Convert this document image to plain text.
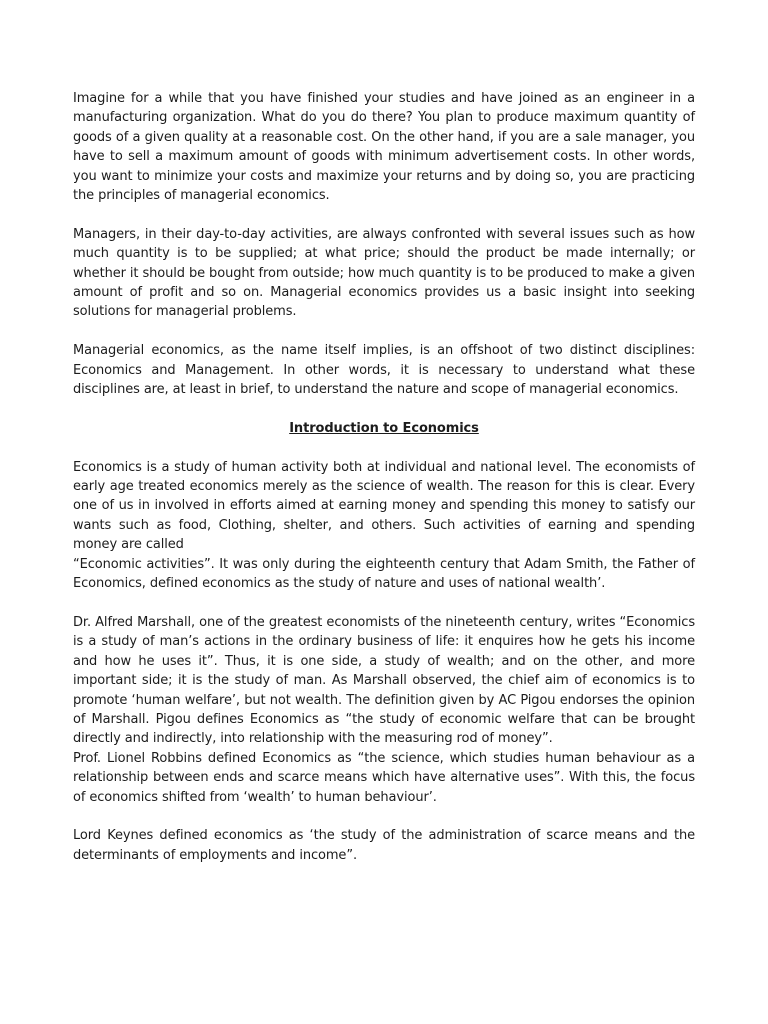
Imagine for a while that you have finished your studies and have joined as an engineer in a manufacturing organization. What do you do there? You plan to produce maximum quantity of goods of a given quality at a reasonable cost. On the other hand, if you are a sale manager, you have to sell a maximum amount of goods with minimum advertisement costs. In other words, you want to minimize your costs and maximize your returns and by doing so, you are practicing the principles of managerial economics.

Managers, in their day-to-day activities, are always confronted with several issues such as how much quantity is to be supplied; at what price; should the product be made internally; or whether it should be bought from outside; how much quantity is to be produced to make a given amount of profit and so on. Managerial economics provides us a basic insight into seeking solutions for managerial problems.

Managerial economics, as the name itself implies, is an offshoot of two distinct disciplines: Economics and Management. In other words, it is necessary to understand what these disciplines are, at least in brief, to understand the nature and scope of managerial economics.

Introduction to Economics

Economics is a study of human activity both at individual and national level. The economists of early age treated economics merely as the science of wealth. The reason for this is clear. Every one of us in involved in efforts aimed at earning money and spending this money to satisfy our wants such as food, Clothing, shelter, and others. Such activities of earning and spending money are called

“Economic activities”. It was only during the eighteenth century that Adam Smith, the Father of Economics, defined economics as the study of nature and uses of national wealth’.

Dr. Alfred Marshall, one of the greatest economists of the nineteenth century, writes “Economics is a study of man’s actions in the ordinary business of life: it enquires how he gets his income and how he uses it”. Thus, it is one side, a study of wealth; and on the other, and more important side; it is the study of man. As Marshall observed, the chief aim of economics is to promote ‘human welfare’, but not wealth. The definition given by AC Pigou endorses the opinion of Marshall. Pigou defines Economics as “the study of economic welfare that can be brought directly and indirectly, into relationship with the measuring rod of money”.

Prof. Lionel Robbins defined Economics as “the science, which studies human behaviour as a relationship between ends and scarce means which have alternative uses”. With this, the focus of economics shifted from ‘wealth’ to human behaviour’.

Lord Keynes defined economics as ‘the study of the administration of scarce means and the determinants of employments and income”.
